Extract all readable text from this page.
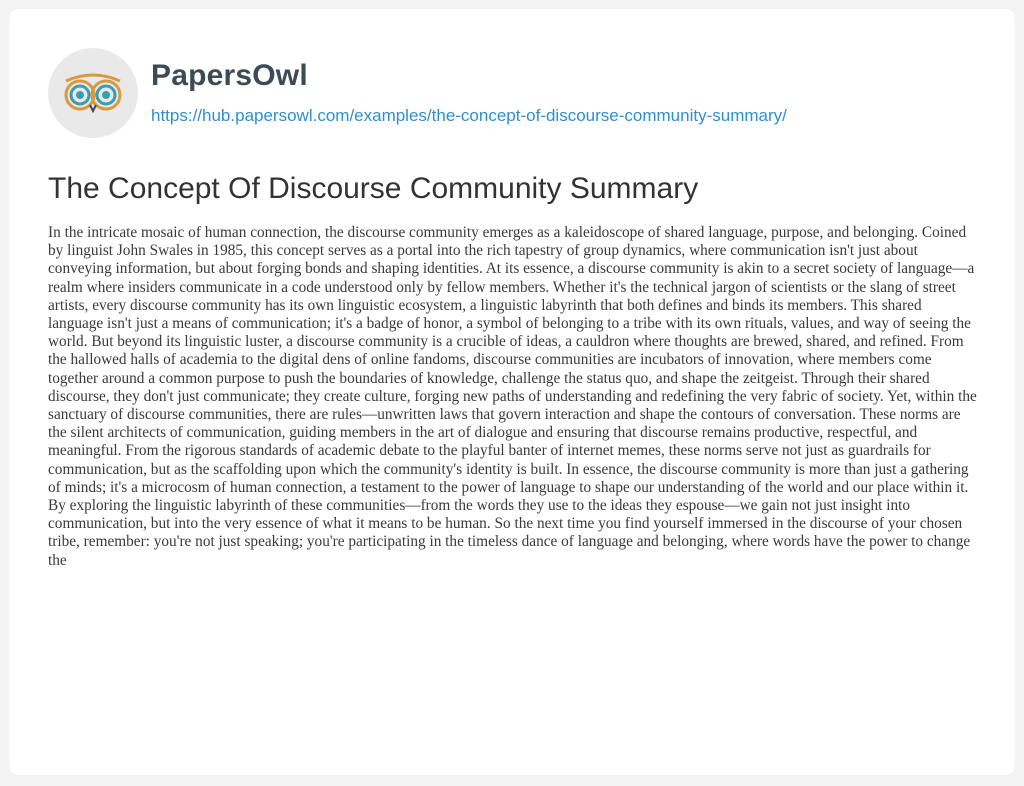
PapersOwl
https://hub.papersowl.com/examples/the-concept-of-discourse-community-summary/
The Concept Of Discourse Community Summary

In the intricate mosaic of human connection, the discourse community emerges as a kaleidoscope of shared language, purpose, and belonging. Coined by linguist John Swales in 1985, this concept serves as a portal into the rich tapestry of group dynamics, where communication isn't just about conveying information, but about forging bonds and shaping identities. At its essence, a discourse community is akin to a secret society of language—a realm where insiders communicate in a code understood only by fellow members. Whether it's the technical jargon of scientists or the slang of street artists, every discourse community has its own linguistic ecosystem, a linguistic labyrinth that both defines and binds its members. This shared language isn't just a means of communication; it's a badge of honor, a symbol of belonging to a tribe with its own rituals, values, and way of seeing the world. But beyond its linguistic luster, a discourse community is a crucible of ideas, a cauldron where thoughts are brewed, shared, and refined. From the hallowed halls of academia to the digital dens of online fandoms, discourse communities are incubators of innovation, where members come together around a common purpose to push the boundaries of knowledge, challenge the status quo, and shape the zeitgeist. Through their shared discourse, they don't just communicate; they create culture, forging new paths of understanding and redefining the very fabric of society. Yet, within the sanctuary of discourse communities, there are rules—unwritten laws that govern interaction and shape the contours of conversation. These norms are the silent architects of communication, guiding members in the art of dialogue and ensuring that discourse remains productive, respectful, and meaningful. From the rigorous standards of academic debate to the playful banter of internet memes, these norms serve not just as guardrails for communication, but as the scaffolding upon which the community's identity is built. In essence, the discourse community is more than just a gathering of minds; it's a microcosm of human connection, a testament to the power of language to shape our understanding of the world and our place within it. By exploring the linguistic labyrinth of these communities—from the words they use to the ideas they espouse—we gain not just insight into communication, but into the very essence of what it means to be human. So the next time you find yourself immersed in the discourse of your chosen tribe, remember: you're not just speaking; you're participating in the timeless dance of language and belonging, where words have the power to change the
